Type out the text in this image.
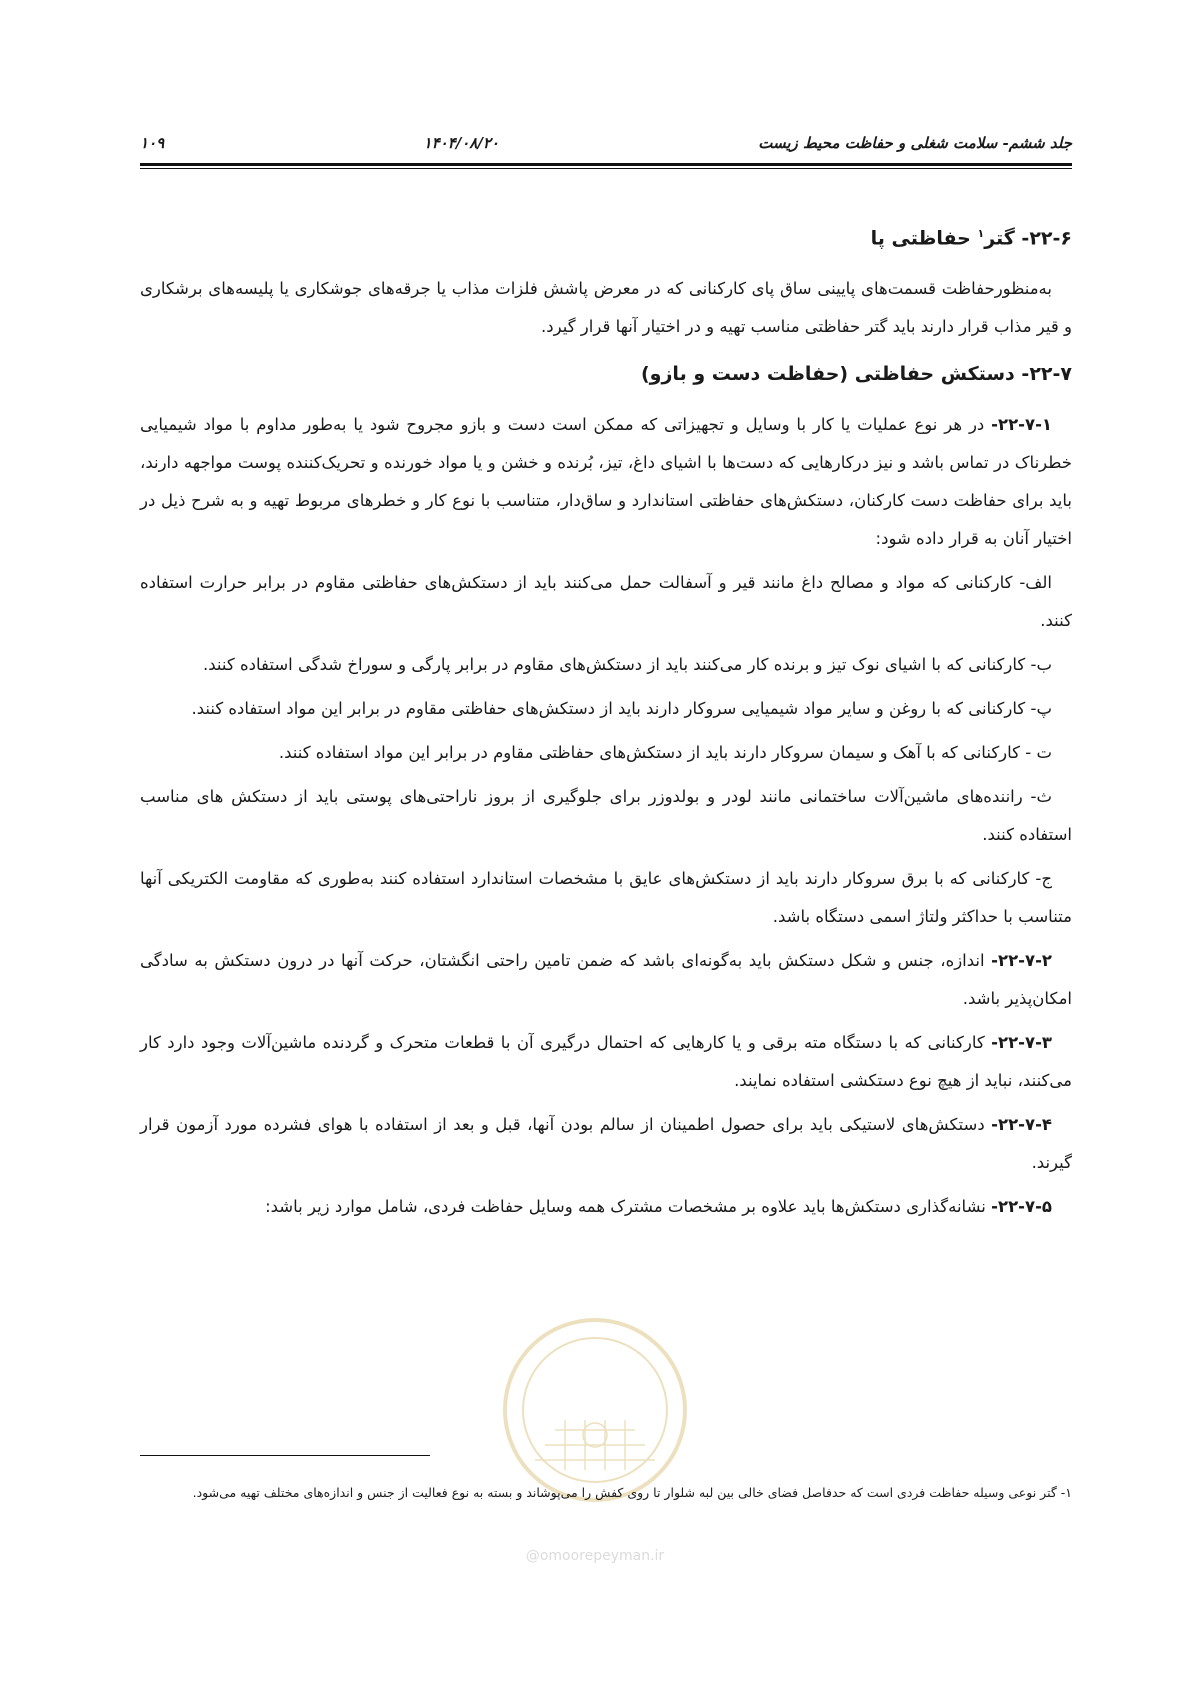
جلد ششم- سلامت شغلی و حفاظت محیط زیست
۱۴۰۴/۰۸/۲۰
۱۰۹

۲۲-۶- گتر$^۱$ حفاظتی پا

به‌منظورحفاظت قسمت‌های پایینی ساق پای کارکنانی که در معرض پاشش فلزات مذاب یا جرقه‌های جوشکاری یا پلیسه‌های برشکاری و قیر مذاب قرار دارند باید گتر حفاظتی مناسب تهیه و در اختیار آنها قرار گیرد.

۲۲-۷- دستکش حفاظتی (حفاظت دست و بازو)

۲۲-۷-۱- در هر نوع عملیات یا کار با وسایل و تجهیزاتی که ممکن است دست و بازو مجروح شود یا به‌طور مداوم با مواد شیمیایی خطرناک در تماس باشد و نیز درکارهایی که دست‌ها با اشیای داغ، تیز، بُرنده و خشن و یا مواد خورنده و تحریک‌کننده پوست مواجهه دارند، باید برای حفاظت دست کارکنان، دستکش‌های حفاظتی استاندارد و ساق‌دار، متناسب با نوع کار و خطرهای مربوط تهیه و به شرح ذیل در اختیار آنان به قرار داده شود:

الف- کارکنانی که مواد و مصالح داغ مانند قیر و آسفالت حمل می‌کنند باید از دستکش‌های حفاظتی مقاوم در برابر حرارت استفاده کنند.

ب- کارکنانی که با اشیای نوک تیز و برنده کار می‌کنند باید از دستکش‌های مقاوم در برابر پارگی و سوراخ شدگی استفاده کنند.

پ- کارکنانی که با روغن و سایر مواد شیمیایی سروکار دارند باید از دستکش‌های حفاظتی مقاوم در برابر این مواد استفاده کنند.

ت - کارکنانی که با آهک و سیمان سروکار دارند باید از دستکش‌های حفاظتی مقاوم در برابر این مواد استفاده کنند.

ث- راننده‌های ماشین‌آلات ساختمانی مانند لودر و بولدوزر برای جلوگیری از بروز ناراحتی‌های پوستی باید از دستکش های مناسب استفاده کنند.

ج- کارکنانی که با برق سروکار دارند باید از دستکش‌های عایق با مشخصات استاندارد استفاده کنند به‌طوری که مقاومت الکتریکی آنها متناسب با حداکثر ولتاژ اسمی دستگاه باشد.

۲۲-۷-۲- اندازه، جنس و شکل دستکش باید به‌گونه‌ای باشد که ضمن تامین راحتی انگشتان، حرکت آنها در درون دستکش به سادگی امکان‌پذیر باشد.

۲۲-۷-۳- کارکنانی که با دستگاه مته برقی و یا کارهایی که احتمال درگیری آن با قطعات متحرک و گردنده ماشین‌آلات وجود دارد کار می‌کنند، نباید از هیچ نوع دستکشی استفاده نمایند.

۲۲-۷-۴- دستکش‌های لاستیکی باید برای حصول اطمینان از سالم بودن آنها، قبل و بعد از استفاده با هوای فشرده مورد آزمون قرار گیرند.

۲۲-۷-۵- نشانه‌گذاری دستکش‌ها باید علاوه بر مشخصات مشترک همه وسایل حفاظت فردی، شامل موارد زیر باشد:

@omoorepeyman.ir
۱- گتر نوعی وسیله حفاظت فردی است که حدفاصل فضای خالی بین لبه شلوار تا روی کفش را می‌پوشاند و بسته به نوع فعالیت از جنس و اندازه‌های مختلف تهیه می‌شود.
